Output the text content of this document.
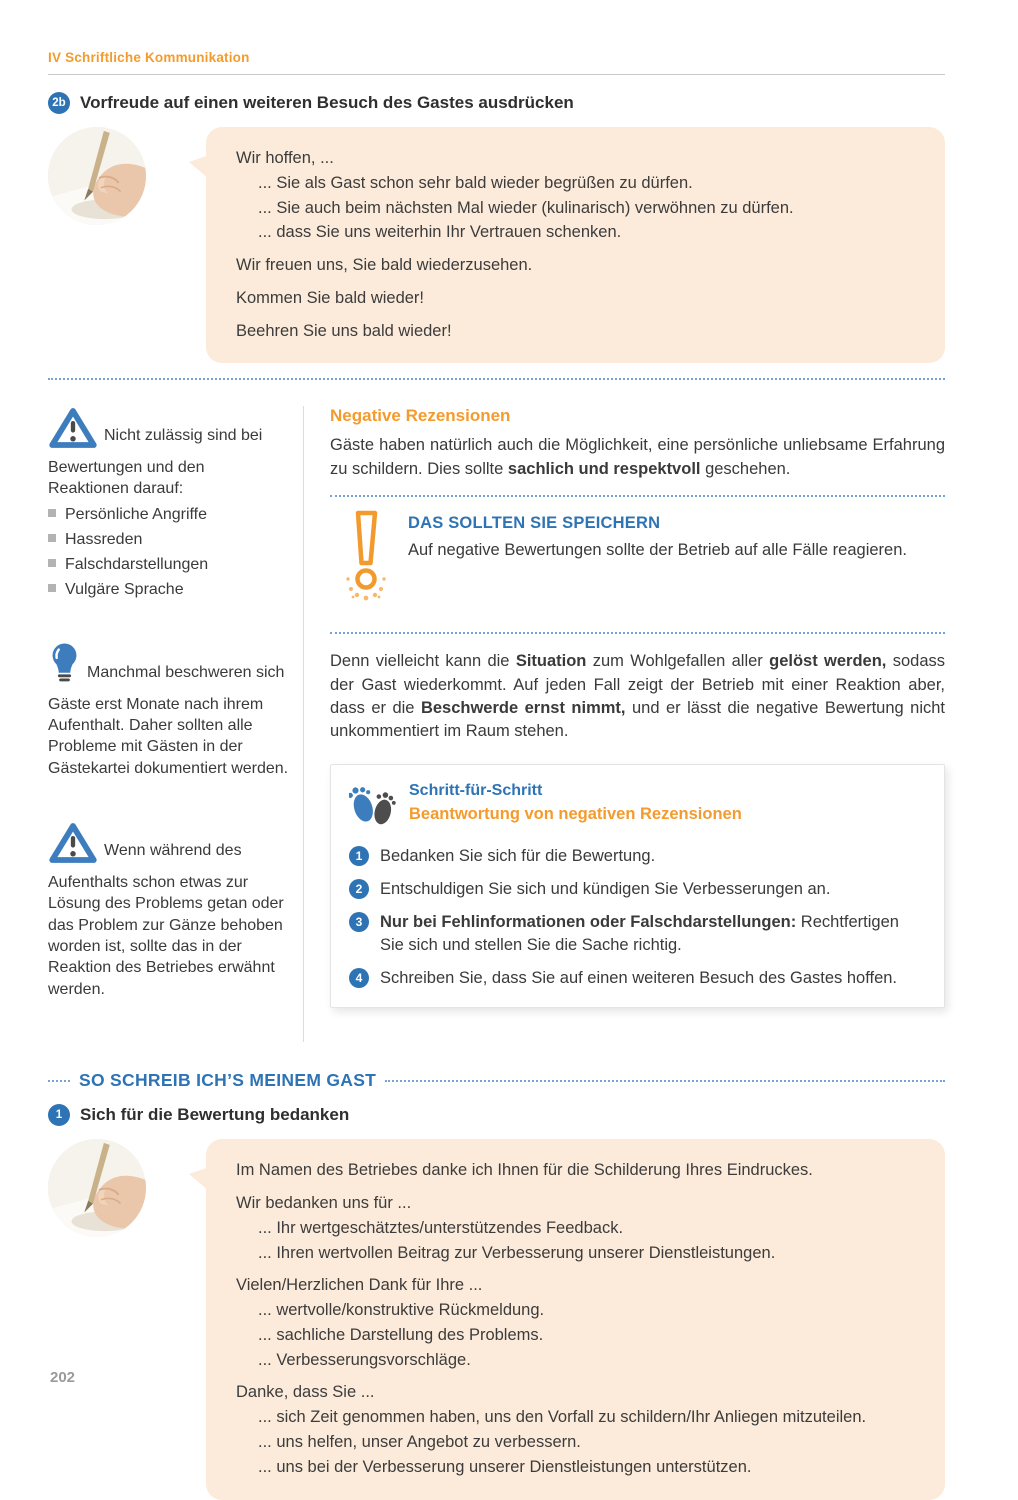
IV Schriftliche Kommunikation
2b Vorfreude auf einen weiteren Besuch des Gastes ausdrücken
Wir hoffen, ...
... Sie als Gast schon sehr bald wieder begrüßen zu dürfen.
... Sie auch beim nächsten Mal wieder (kulinarisch) verwöhnen zu dürfen.
... dass Sie uns weiterhin Ihr Vertrauen schenken.
Wir freuen uns, Sie bald wiederzusehen.
Kommen Sie bald wieder!
Beehren Sie uns bald wieder!

Nicht zulässig sind bei Bewertungen und den Reaktionen darauf:

Persönliche Angriffe
Hassreden
Falschdarstellungen
Vulgäre Sprache

Manchmal beschweren sich Gäste erst Monate nach ihrem Aufenthalt. Daher sollten alle Probleme mit Gästen in der Gästekartei dokumentiert werden.

Wenn während des Aufenthalts schon etwas zur Lösung des Problems getan oder das Problem zur Gänze behoben worden ist, sollte das in der Reaktion des Betriebes erwähnt werden.

Negative Rezensionen

Gäste haben natürlich auch die Möglichkeit, eine persönliche unliebsame Erfahrung zu schildern. Dies sollte sachlich und respektvoll geschehen.

DAS SOLLTEN SIE SPEICHERN
Auf negative Bewertungen sollte der Betrieb auf alle Fälle reagieren.

Denn vielleicht kann die Situation zum Wohlgefallen aller gelöst werden, sodass der Gast wiederkommt. Auf jeden Fall zeigt der Betrieb mit einer Reaktion aber, dass er die Beschwerde ernst nimmt, und er lässt die negative Bewertung nicht unkommentiert im Raum stehen.

Schritt-für-Schritt
Beantwortung von negativen Rezensionen
1	Bedanken Sie sich für die Bewertung.
2	Entschuldigen Sie sich und kündigen Sie Verbesserungen an.
3	Nur bei Fehlinformationen oder Falschdarstellungen: Rechtfertigen Sie sich und stellen Sie die Sache richtig.
4	Schreiben Sie, dass Sie auf einen weiteren Besuch des Gastes hoffen.
SO SCHREIB ICH’S MEINEM GAST
1	Sich für die Bewertung bedanken
Im Namen des Betriebes danke ich Ihnen für die Schilderung Ihres Eindruckes.
Wir bedanken uns für ...
... Ihr wertgeschätztes/unterstützendes Feedback.
... Ihren wertvollen Beitrag zur Verbesserung unserer Dienstleistungen.
Vielen/Herzlichen Dank für Ihre ...
... wertvolle/konstruktive Rückmeldung.
... sachliche Darstellung des Problems.
... Verbesserungsvorschläge.
Danke, dass Sie ...
... sich Zeit genommen haben, uns den Vorfall zu schildern/Ihr Anliegen mitzuteilen.
... uns helfen, unser Angebot zu verbessern.
... uns bei der Verbesserung unserer Dienstleistungen unterstützen.
202
